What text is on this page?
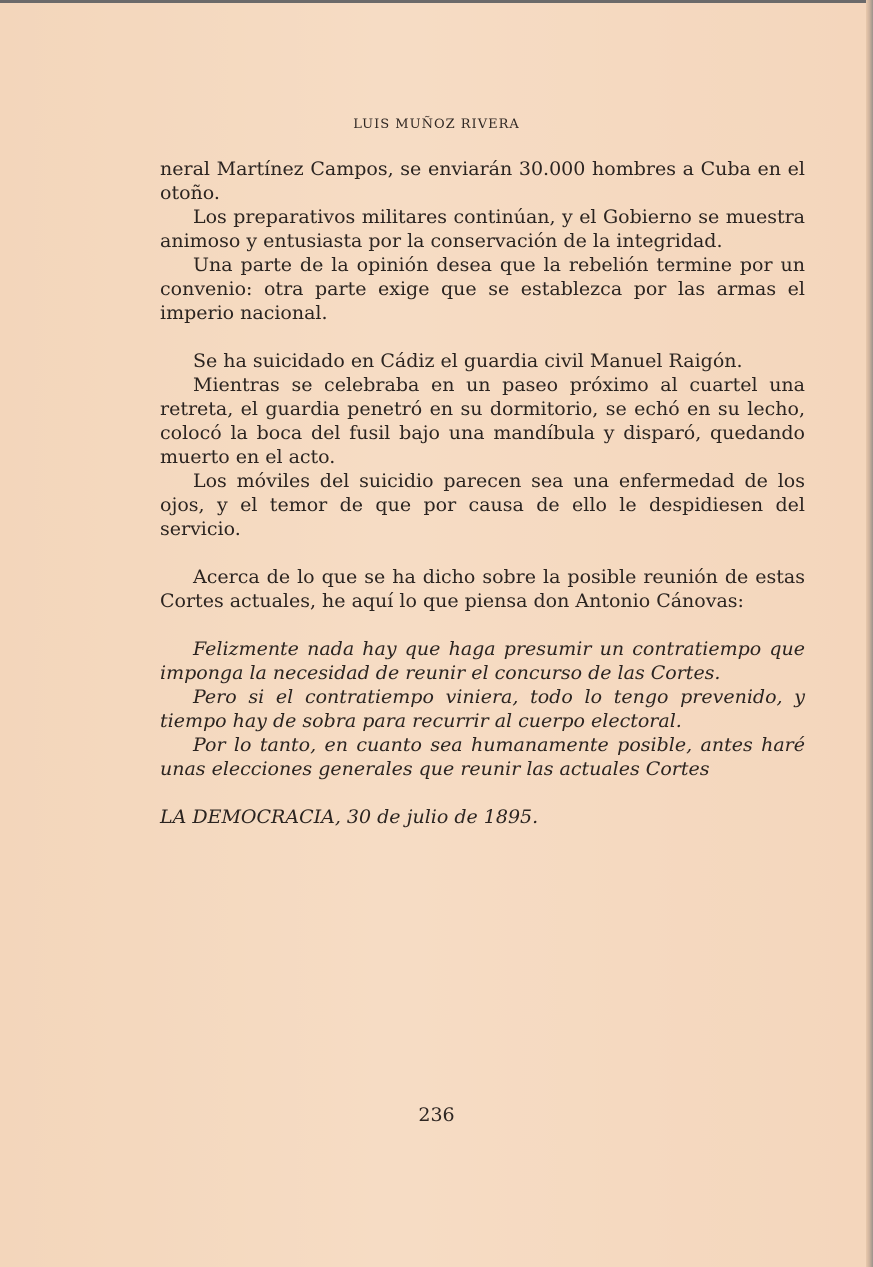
LUIS MUÑOZ RIVERA

neral Martínez Campos, se enviarán 30.000 hombres a Cuba en el otoño.

Los preparativos militares continúan, y el Gobierno se muestra animoso y entusiasta por la conservación de la integridad.

Una parte de la opinión desea que la rebelión termine por un convenio: otra parte exige que se establezca por las armas el imperio nacional.

Se ha suicidado en Cádiz el guardia civil Manuel Raigón.

Mientras se celebraba en un paseo próximo al cuartel una retreta, el guardia penetró en su dormitorio, se echó en su lecho, colocó la boca del fusil bajo una mandíbula y disparó, quedando muerto en el acto.

Los móviles del suicidio parecen sea una enfermedad de los ojos, y el temor de que por causa de ello le despidiesen del servicio.

Acerca de lo que se ha dicho sobre la posible reunión de estas Cortes actuales, he aquí lo que piensa don Antonio Cánovas:

Felizmente nada hay que haga presumir un contratiempo que imponga la necesidad de reunir el concurso de las Cortes.

Pero si el contratiempo viniera, todo lo tengo prevenido, y tiempo hay de sobra para recurrir al cuerpo electoral.

Por lo tanto, en cuanto sea humanamente posible, antes haré unas elecciones generales que reunir las actuales Cortes

LA DEMOCRACIA, 30 de julio de 1895.

236
